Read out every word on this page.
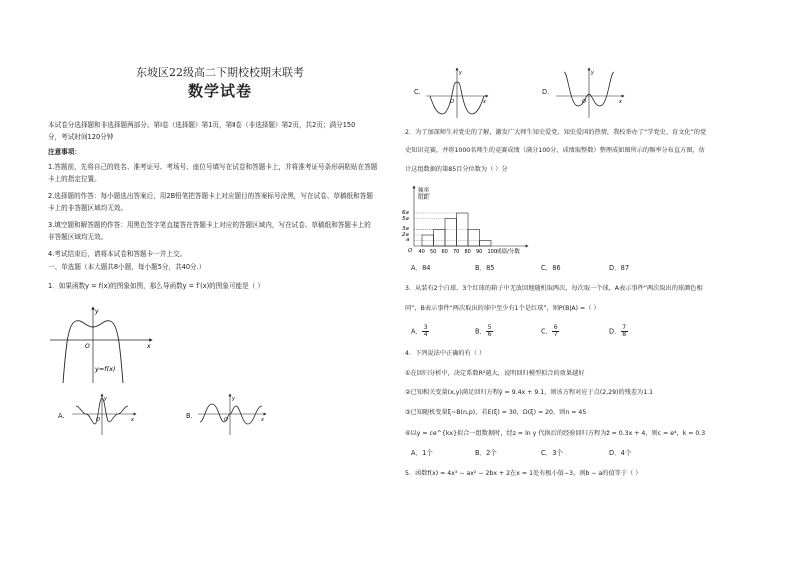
东坡区22级高二下期校校期末联考
数学试卷
本试卷分选择题和非选择题两部分。第Ⅰ卷（选择题）第1页，第Ⅱ卷（非选择题）第2页，共2页；满分150
分，考试时间120分钟
注意事项：
1.答题前，先将自己的姓名、准考证号、考场号、座位号填写在试卷和答题卡上，并将准考证号条形码粘贴在答题
卡上的指定位置。
2.选择题的作答：每小题选出答案后，用2B铅笔把答题卡上对应题目的答案标号涂黑，写在试卷、草稿纸和答题
卡上的非答题区域均无效。
3.填空题和解答题的作答：用黑色签字笔直接答在答题卡上对应的答题区域内，写在试卷、草稿纸和答题卡上的
非答题区域均无效。
4.考试结束后，请将本试卷和答题卡一并上交。
一、单选题（本大题共8小题，每小题5分，共40分.）
1．如果函数y = f(x)的图象如图，那么导函数y = f′(x)的图象可能是（ ）
y
x
O
y=f(x)
A.
y
x
O	B.
y
x
O
C.
y
x
O
D.
y
x
O
2．为了加深师生对党史的了解，激发广大师生知史爱党、知史爱国的热情，我校举办了“学党史、育文化”的党
史知识竞赛，并将1000名师生的竞赛成绩（满分100分，成绩取整数）整理成如图所示的频率分布直方图，估
计这组数据的第85百分位数为（ ）分
40 50 60 70 80 90 100
频率
组距
6a
5a
3a
2a
a
O	成绩/分数
A．84	B．85	C．86	D．87
3．从装有2个白球，3个红球的箱子中无放回地随机取两次，每次取一个球，A表示事件“两次取出的球颜色相
同”，B表示事件“两次取出的球中至少有1个是红球”，则P(B|A) =（ ）
A． $\frac{3}{4}$	B． $\frac{5}{6}$	C． $\frac{6}{7}$	D． $\frac{7}{8}$
4．下列说法中正确的有（ ）
①在回归分析中，决定系数R²越大，说明回归模型拟合的效果越好
②已知相关变量(x,y)满足回归方程ŷ = 9.4x + 9.1，则该方程对应于点(2,29)的残差为1.1
③已知随机变量ξ~B(n,p)，若E(ξ) = 30，D(ξ) = 20，则n = 45
④以y = ce^{kx}拟合一组数据时，经z = ln y 代换后的经验回归方程为ẑ = 0.3x + 4，则c = e⁴，k = 0.3
A．1个	B．2个	C．3个	D．4个
5．函数f(x) = 4x³ − ax² − 2bx + 2在x = 1处有极小值−3，则b − a的值等于（ ）
